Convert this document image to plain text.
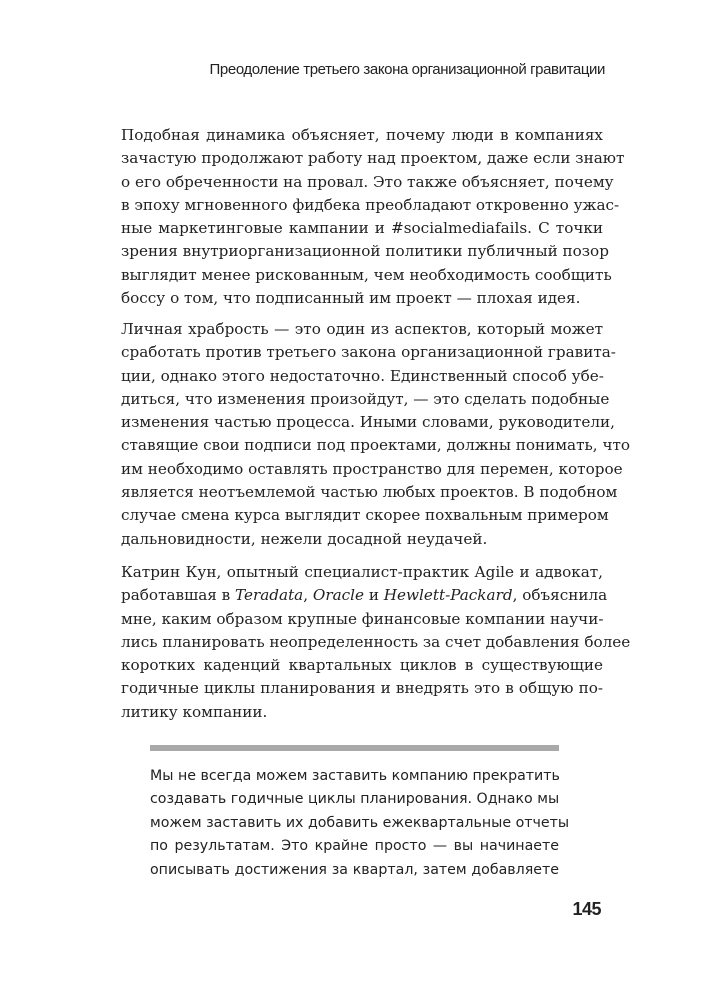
Преодоление третьего закона организационной гравитации

Подобная динамика объясняет, почему люди в компаниях
зачастую продолжают работу над проектом, даже если знают
о его обреченности на провал. Это также объясняет, почему
в эпоху мгновенного фидбека преобладают откровенно ужас-
ные маркетинговые кампании и #socialmediafails. С точки
зрения внутриорганизационной политики публичный позор
выглядит менее рискованным, чем необходимость сообщить
боссу о том, что подписанный им проект — плохая идея.

Личная храбрость — это один из аспектов, который может
сработать против третьего закона организационной гравита-
ции, однако этого недостаточно. Единственный способ убе-
диться, что изменения произойдут, — это сделать подобные
изменения частью процесса. Иными словами, руководители,
ставящие свои подписи под проектами, должны понимать, что
им необходимо оставлять пространство для перемен, которое
является неотъемлемой частью любых проектов. В подобном
случае смена курса выглядит скорее похвальным примером
дальновидности, нежели досадной неудачей.

Катрин Кун, опытный специалист-практик Agile и адвокат,
работавшая в Teradata, Oracle и Hewlett-Packard, объяснила
мне, каким образом крупные финансовые компании научи-
лись планировать неопределенность за счет добавления более
коротких каденций квартальных циклов в существующие
годичные циклы планирования и внедрять это в общую по-
литику компании.

Мы не всегда можем заставить компанию прекратить
создавать годичные циклы планирования. Однако мы
можем заставить их добавить ежеквартальные отчеты
по результатам. Это крайне просто — вы начинаете
описывать достижения за квартал, затем добавляете
145
